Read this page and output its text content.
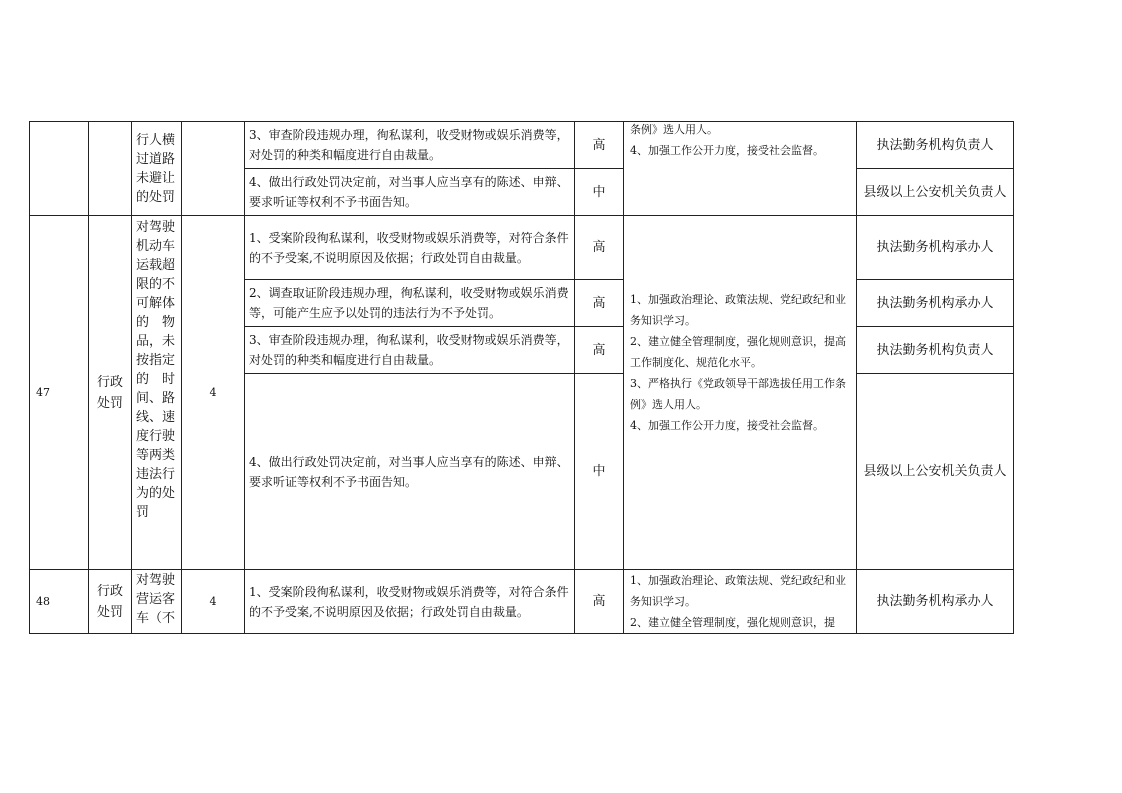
		行人横过道路未避让的处罚		3、审查阶段违规办理，徇私谋利，收受财物或娱乐消费等，对处罚的种类和幅度进行自由裁量。	高	条例》选人用人。
4、加强工作公开力度，接受社会监督。	执法勤务机构负责人
				4、做出行政处罚决定前，对当事人应当享有的陈述、申辩、要求听证等权利不予书面告知。	中		县级以上公安机关负责人
47	行政处罚	对驾驶机动车运载超限的不可解体的　物品，未按指定的　时间、路线、速度行驶等两类违法行为的处罚	4	1、受案阶段徇私谋利，收受财物或娱乐消费等，对符合条件的不予受案,不说明原因及依据；行政处罚自由裁量。	高	1、加强政治理论、政策法规、党纪政纪和业务知识学习。
2、建立健全管理制度，强化规则意识，提高工作制度化、规范化水平。
3、严格执行《党政领导干部选拔任用工作条例》选人用人。
4、加强工作公开力度，接受社会监督。	执法勤务机构承办人
				2、调查取证阶段违规办理，徇私谋利，收受财物或娱乐消费等，可能产生应予以处罚的违法行为不予处罚。	高		执法勤务机构承办人
				3、审查阶段违规办理，徇私谋利，收受财物或娱乐消费等，对处罚的种类和幅度进行自由裁量。	高		执法勤务机构负责人
				4、做出行政处罚决定前，对当事人应当享有的陈述、申辩、要求听证等权利不予书面告知。	中		县级以上公安机关负责人
48	行政处罚	对驾驶营运客车（不	4	1、受案阶段徇私谋利，收受财物或娱乐消费等，对符合条件的不予受案,不说明原因及依据；行政处罚自由裁量。	高	1、加强政治理论、政策法规、党纪政纪和业务知识学习。
2、建立健全管理制度，强化规则意识，提	执法勤务机构承办人
